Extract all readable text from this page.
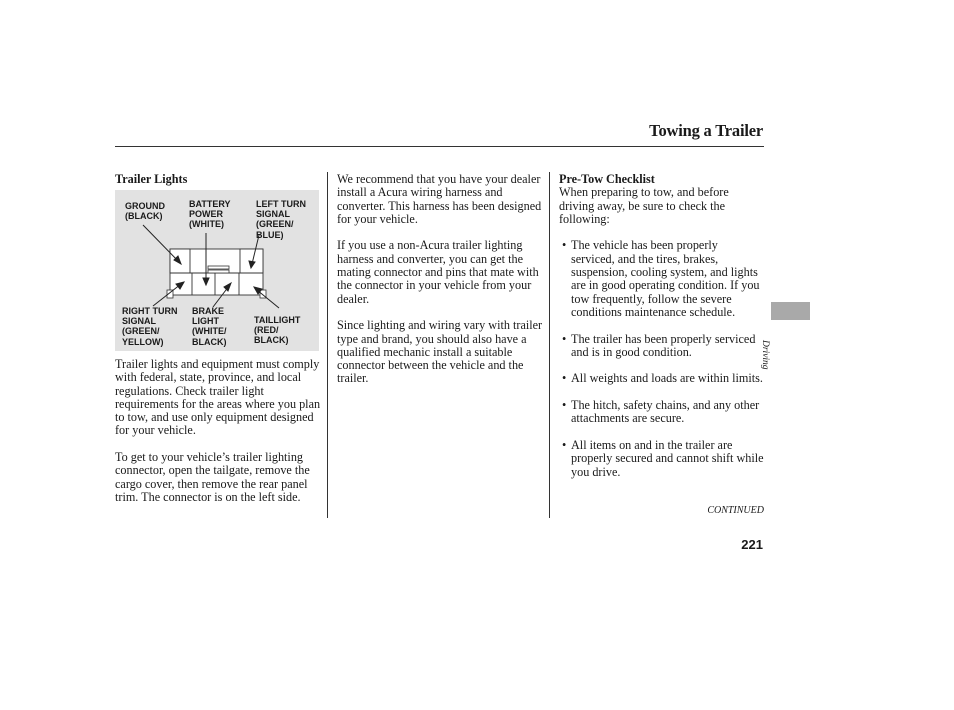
Towing a Trailer
Trailer Lights
GROUND
(BLACK)
BATTERY
POWER
(WHITE)
LEFT TURN
SIGNAL
(GREEN/
BLUE)
RIGHT TURN
SIGNAL
(GREEN/
YELLOW)
BRAKE
LIGHT
(WHITE/
BLACK)
TAILLIGHT
(RED/
BLACK)

Trailer lights and equipment must comply with federal, state, province, and local regulations. Check trailer light requirements for the areas where you plan to tow, and use only equipment designed for your vehicle.

To get to your vehicle’s trailer lighting connector, open the tailgate, remove the cargo cover, then remove the rear panel trim. The connector is on the left side.

We recommend that you have your dealer install a Acura wiring harness and converter. This harness has been designed for your vehicle.

If you use a non-Acura trailer lighting harness and converter, you can get the mating connector and pins that mate with the connector in your vehicle from your dealer.

Since lighting and wiring vary with trailer type and brand, you should also have a qualified mechanic install a suitable connector between the vehicle and the trailer.

Pre-Tow Checklist

When preparing to tow, and before driving away, be sure to check the following:

• The vehicle has been properly serviced, and the tires, brakes, suspension, cooling system, and lights are in good operating condition. If you tow frequently, follow the severe conditions maintenance schedule.
• The trailer has been properly serviced and is in good condition.
• All weights and loads are within limits.
• The hitch, safety chains, and any other attachments are secure.
• All items on and in the trailer are properly secured and cannot shift while you drive.
CONTINUED
221
Driving
